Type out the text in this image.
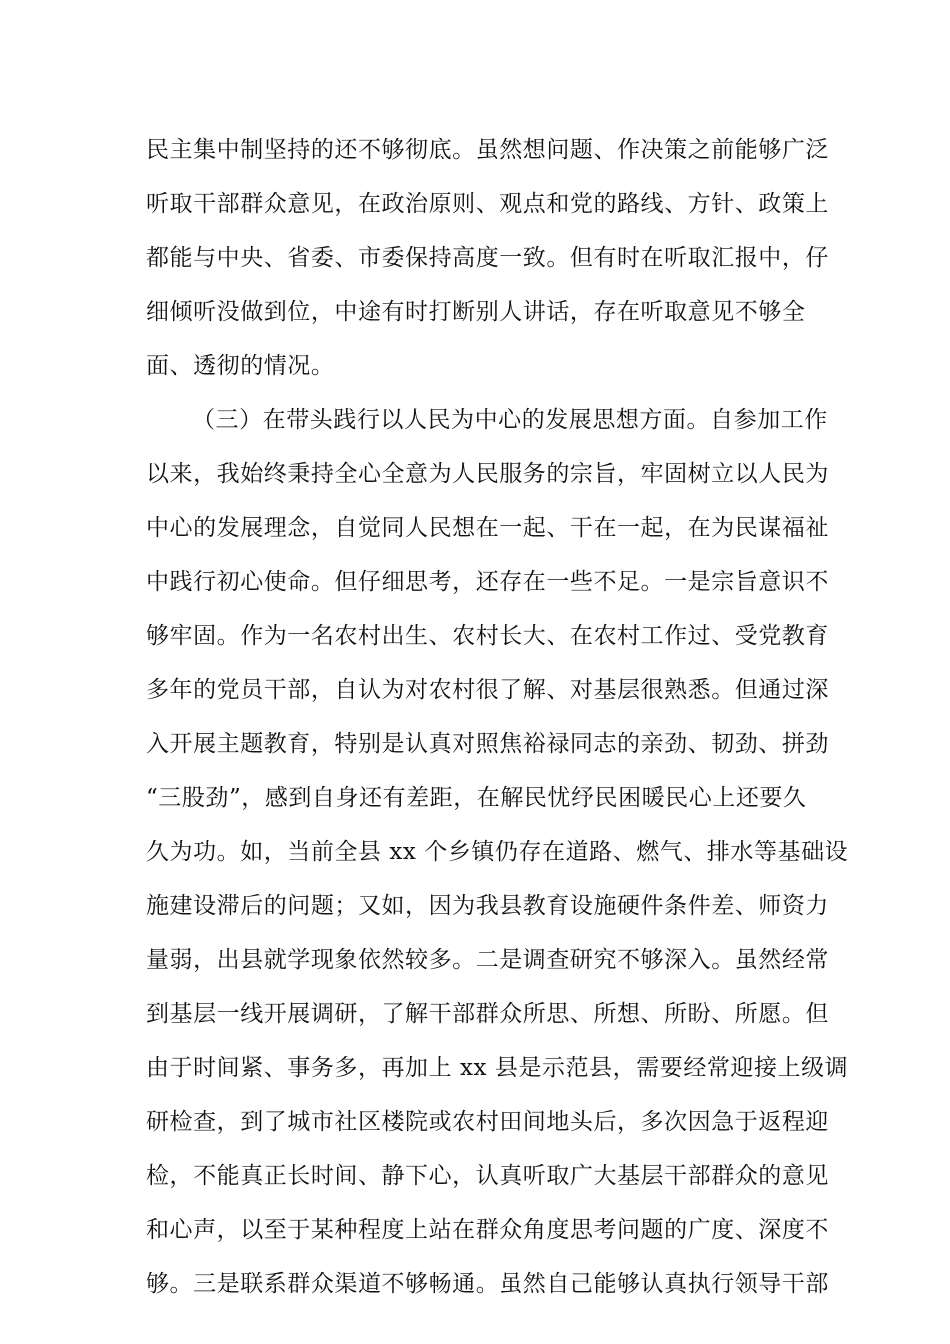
民主集中制坚持的还不够彻底。虽然想问题、作决策之前能够广泛
听取干部群众意见，在政治原则、观点和党的路线、方针、政策上
都能与中央、省委、市委保持高度一致。但有时在听取汇报中，仔
细倾听没做到位，中途有时打断别人讲话，存在听取意见不够全
面、透彻的情况。
（三）在带头践行以人民为中心的发展思想方面。自参加工作
以来，我始终秉持全心全意为人民服务的宗旨，牢固树立以人民为
中心的发展理念，自觉同人民想在一起、干在一起，在为民谋福祉
中践行初心使命。但仔细思考，还存在一些不足。一是宗旨意识不
够牢固。作为一名农村出生、农村长大、在农村工作过、受党教育
多年的党员干部，自认为对农村很了解、对基层很熟悉。但通过深
入开展主题教育，特别是认真对照焦裕禄同志的亲劲、韧劲、拼劲
“三股劲”，感到自身还有差距，在解民忧纾民困暖民心上还要久
久为功。如，当前全县 xx 个乡镇仍存在道路、燃气、排水等基础设
施建设滞后的问题；又如，因为我县教育设施硬件条件差、师资力
量弱，出县就学现象依然较多。二是调查研究不够深入。虽然经常
到基层一线开展调研，了解干部群众所思、所想、所盼、所愿。但
由于时间紧、事务多，再加上 xx 县是示范县，需要经常迎接上级调
研检查，到了城市社区楼院或农村田间地头后，多次因急于返程迎
检，不能真正长时间、静下心，认真听取广大基层干部群众的意见
和心声，以至于某种程度上站在群众角度思考问题的广度、深度不
够。三是联系群众渠道不够畅通。虽然自己能够认真执行领导干部
